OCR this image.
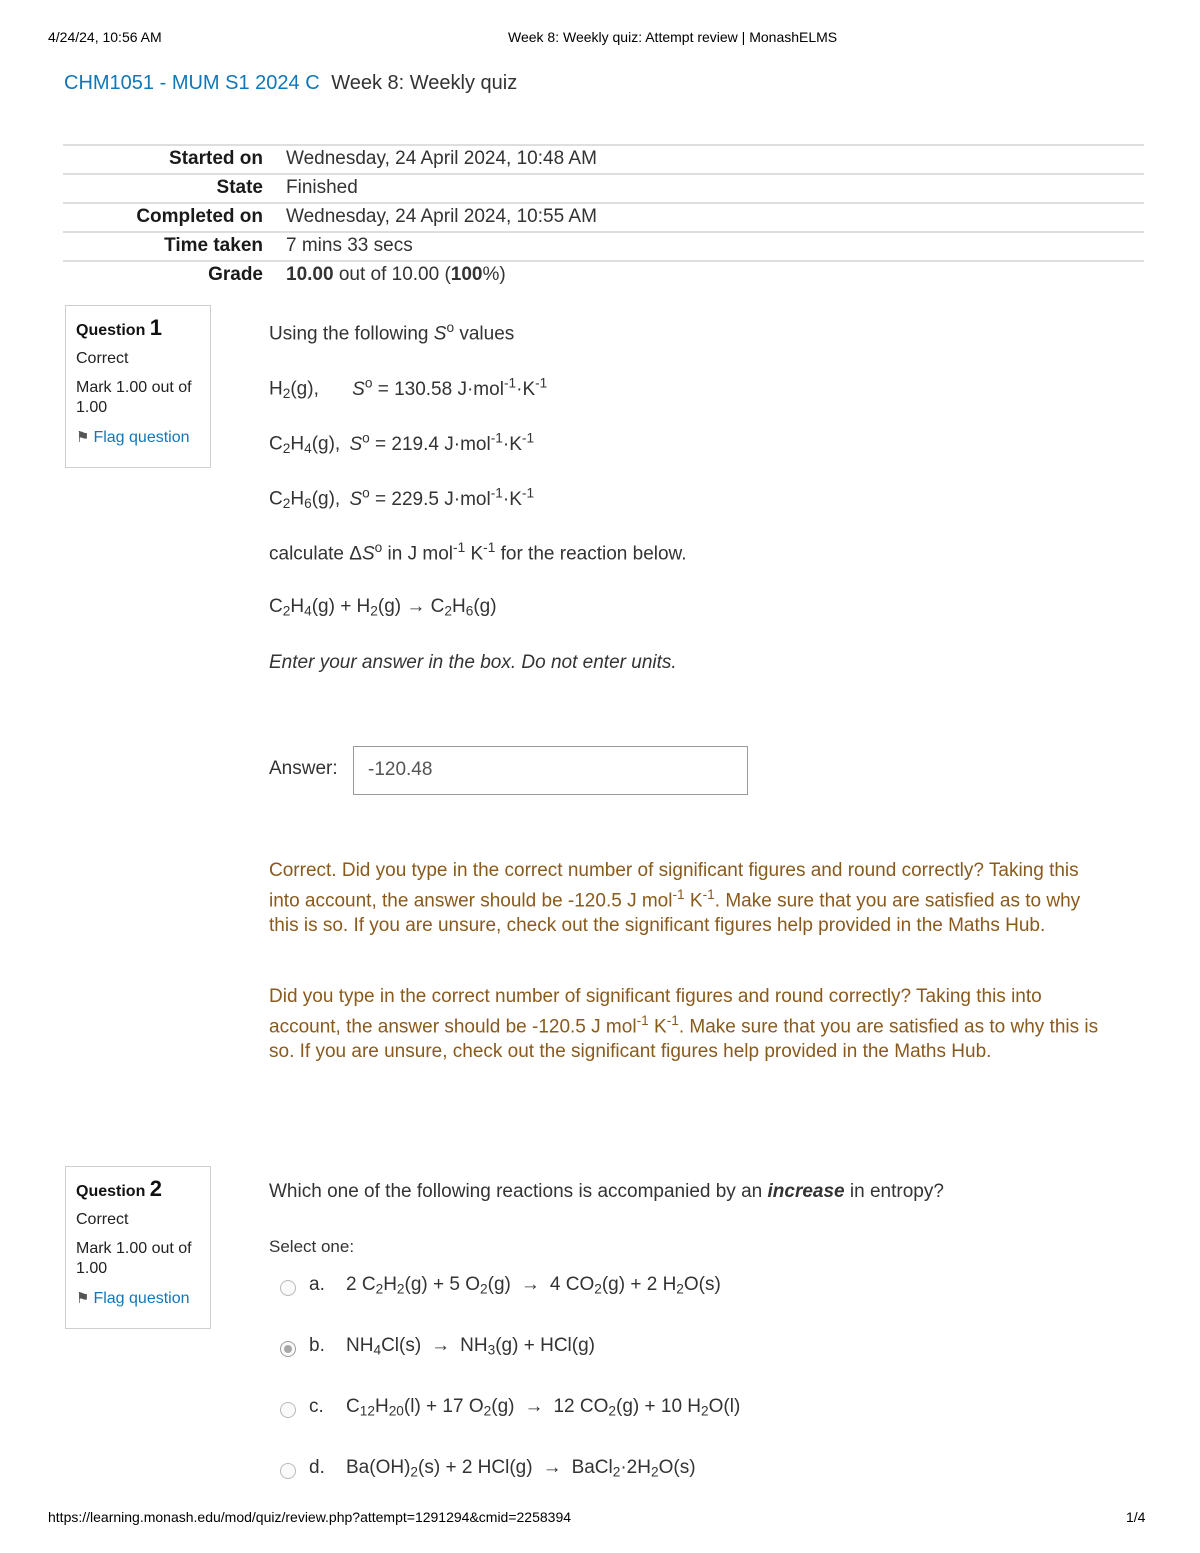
4/24/24, 10:56 AM	Week 8: Weekly quiz: Attempt review | MonashELMS
CHM1051 - MUM S1 2024 C Week 8: Weekly quiz
Started on Wednesday, 24 April 2024, 10:48 AM
State Finished
Completed on Wednesday, 24 April 2024, 10:55 AM
Time taken 7 mins 33 secs
Grade 10.00 out of 10.00 (100%)
Question 1
Correct
Mark 1.00 out of 1.00
⚑ Flag question
Using the following $S^o$ values
$H_2(g)$, $S^o = 130.58$ $J\cdot mol^{-1}\cdot K^{-1}$
$C_2H_4(g)$, $S^o = 219.4$ $J\cdot mol^{-1}\cdot K^{-1}$
$C_2H_6(g)$, $S^o = 229.5$ $J\cdot mol^{-1}\cdot K^{-1}$
calculate $\Delta S^o$ in J mol$^{-1}$ $K^{-1}$ for the reaction below.
$C_2H_4(g) + H_2(g) \to C_2H_6(g)$
Enter your answer in the box. Do not enter units.
Answer:	-120.48
Correct. Did you type in the correct number of significant figures and round correctly? Taking this into account, the answer should be -120.5 J mol$^{-1}$ $K^{-1}$. Make sure that you are satisfied as to why this is so. If you are unsure, check out the significant figures help provided in the Maths Hub.
Did you type in the correct number of significant figures and round correctly? Taking this into account, the answer should be -120.5 J mol$^{-1}$ $K^{-1}$. Make sure that you are satisfied as to why this is so. If you are unsure, check out the significant figures help provided in the Maths Hub.
Question 2
Correct
Mark 1.00 out of 1.00
⚑ Flag question
Which one of the following reactions is accompanied by an increase in entropy?
Select one:
a. 2 $C_2H_2(g) + 5$ $O_2(g) \to 4$ $CO_2(g) + 2$ $H_2O(s)$
b. $NH_4Cl(s) \to NH_3(g) + HCl(g)$
c. $C_{12}H_{20}(l) + 17$ $O_2(g) \to 12$ $CO_2(g) + 10$ $H_2O(l)$
d. $Ba(OH)_2(s) + 2$ $HCl(g) \to BaCl_2\cdot 2H_2O(s)$
https://learning.monash.edu/mod/quiz/review.php?attempt=1291294&cmid=2258394	1/4
